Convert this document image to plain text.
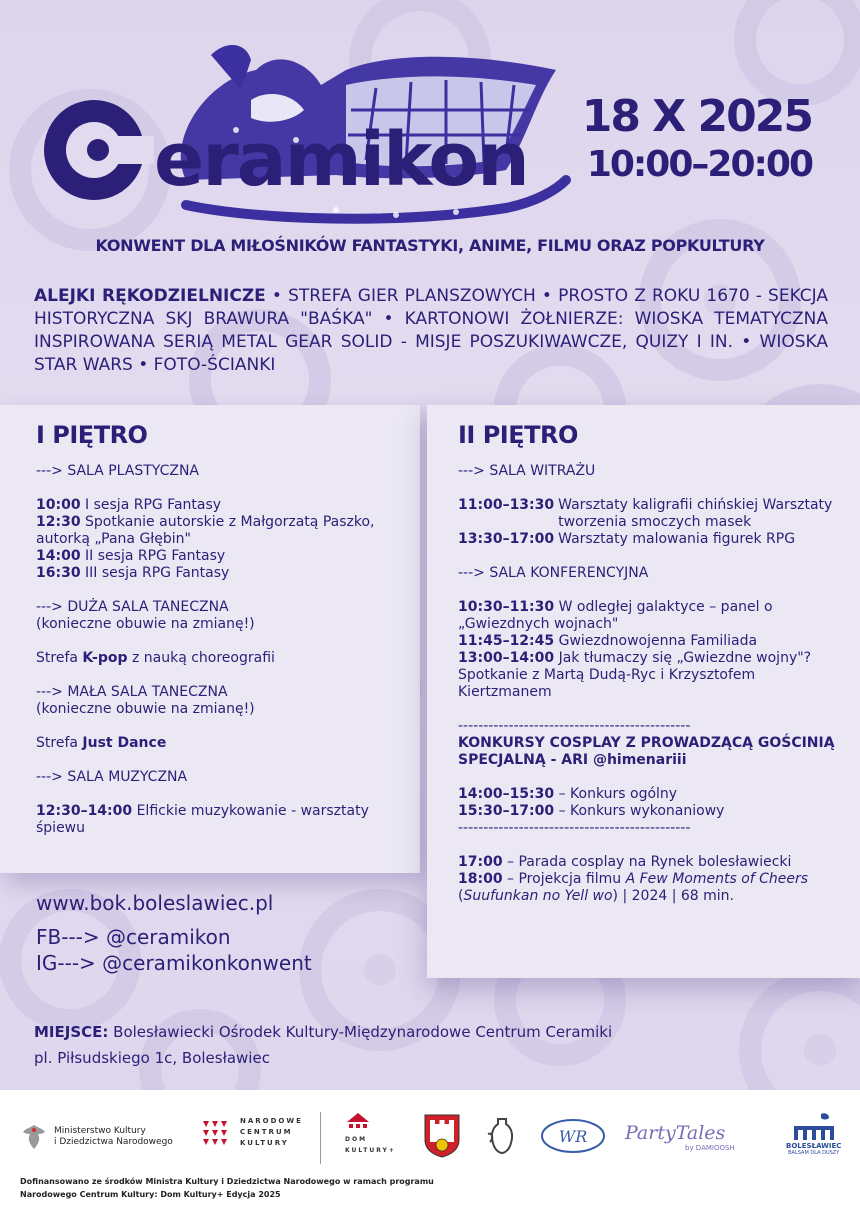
eramikon
18 X 2025
10:00–20:00
KONWENT DLA MIŁOŚNIKÓW FANTASTYKI, ANIME, FILMU ORAZ POPKULTURY
ALEJKI RĘKODZIELNICZE • STREFA GIER PLANSZOWYCH • PROSTO Z ROKU 1670 - SEKCJA HISTORYCZNA SKJ BRAWURA "BAŚKA" • KARTONOWI ŻOŁNIERZE: WIOSKA TEMATYCZNA INSPIROWANA SERIĄ METAL GEAR SOLID - MISJE POSZUKIWAWCZE, QUIZY I IN. • WIOSKA STAR WARS • FOTO-ŚCIANKI
I PIĘTRO

---> SALA PLASTYCZNA

10:00 I sesja RPG Fantasy

12:30 Spotkanie autorskie z Małgorzatą Paszko, autorką „Pana Głębin"

14:00 II sesja RPG Fantasy

16:30 III sesja RPG Fantasy

---> DUŻA SALA TANECZNA

(konieczne obuwie na zmianę!)

Strefa K-pop z nauką choreografii

---> MAŁA SALA TANECZNA

(konieczne obuwie na zmianę!)

Strefa Just Dance

---> SALA MUZYCZNA

12:30–14:00 Elfickie muzykowanie - warsztaty śpiewu

II PIĘTRO

---> SALA WITRAŻU

11:00–13:30 Warsztaty kaligrafii chińskiej Warsztaty tworzenia smoczych masek
13:30–17:00 Warsztaty malowania figurek RPG

---> SALA KONFERENCYJNA

10:30–11:30 W odległej galaktyce – panel o „Gwiezdnych wojnach"

11:45–12:45 Gwiezdnowojenna Familiada

13:00–14:00 Jak tłumaczy się „Gwiezdne wojny"? Spotkanie z Martą Dudą-Ryc i Krzysztofem Kiertzmanem

----------------------------------------------

KONKURSY COSPLAY Z PROWADZĄCĄ GOŚCINIĄ SPECJALNĄ - ARI @himenariii

14:00–15:30 – Konkurs ogólny

15:30–17:00 – Konkurs wykonaniowy

----------------------------------------------

17:00 – Parada cosplay na Rynek bolesławiecki

18:00 – Projekcja filmu A Few Moments of Cheers
(Suufunkan no Yell wo) | 2024 | 68 min.

www.bok.boleslawiec.pl
FB---> @ceramikon
IG---> @ceramikonkonwent
MIEJSCE: Bolesławiecki Ośrodek Kultury-Międzynarodowe Centrum Ceramiki
pl. Piłsudskiego 1c, Bolesławiec
Ministerstwo Kultury
i Dziedzictwa Narodowego
NARODOWE
CENTRUM
KULTURY	DOM
KULTURY+
WR PartyTales
by DAMIOOSH	BOLESŁAWIEC
BALSAM DLA DUSZY
Dofinansowano ze środków Ministra Kultury i Dziedzictwa Narodowego w ramach programu
Narodowego Centrum Kultury: Dom Kultury+ Edycja 2025
